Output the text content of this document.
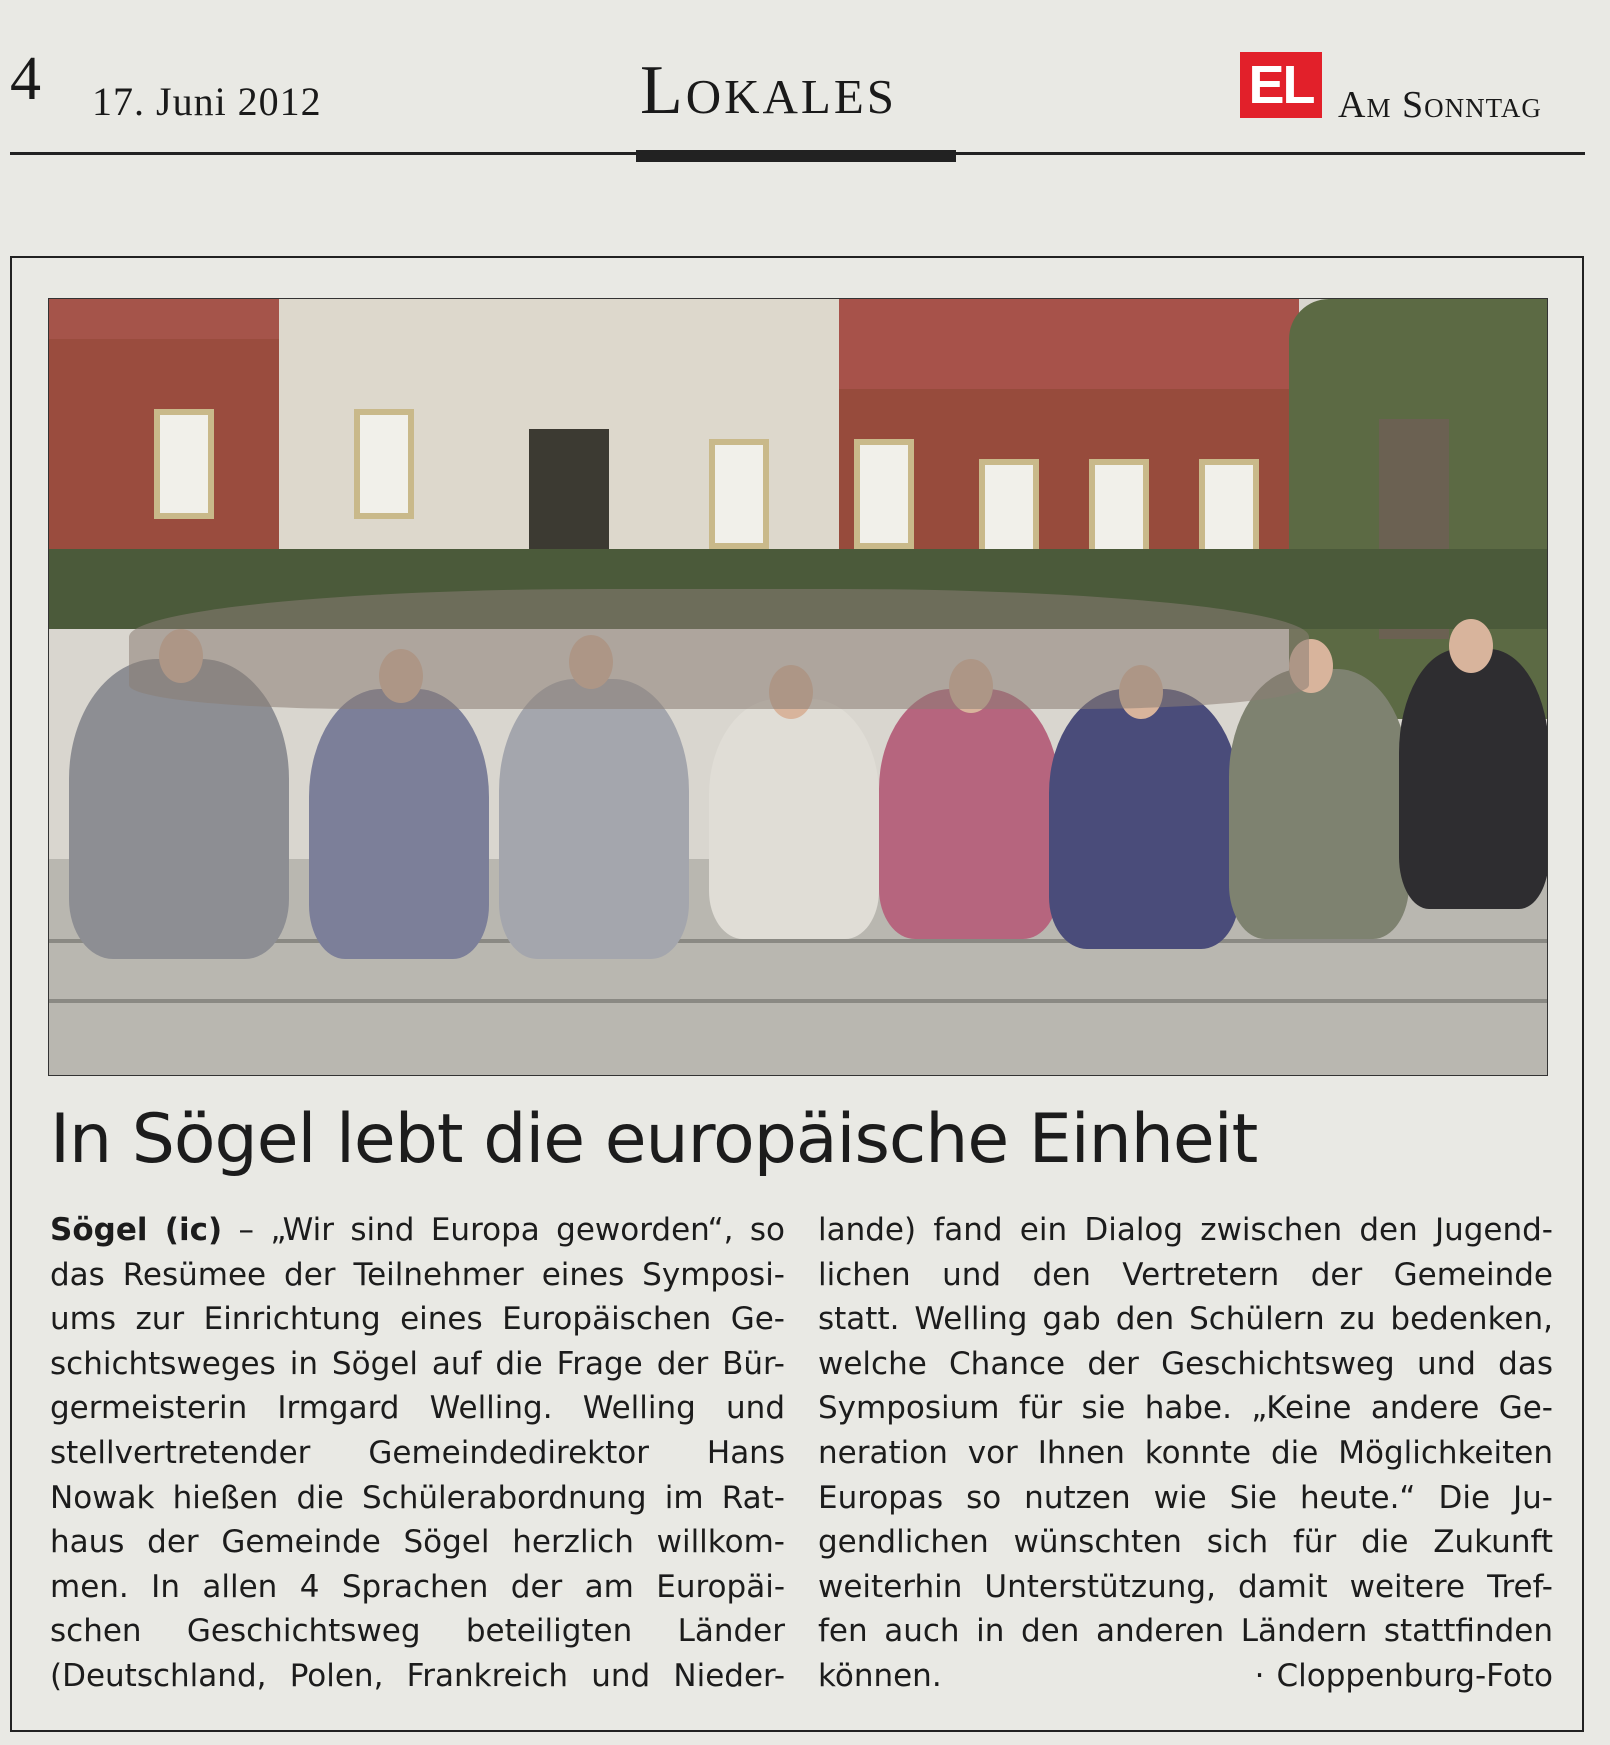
4 17. Juni 2012	Lokales	EL Am Sonntag
In Sögel lebt die europäische Einheit
Sögel (ic) – „Wir sind Europa geworden“, so
das Resümee der Teilnehmer eines Symposi-
ums zur Einrichtung eines Europäischen Ge-
schichtsweges in Sögel auf die Frage der Bür-
germeisterin Irmgard Welling. Welling und
stellvertretender Gemeindedirektor Hans
Nowak hießen die Schülerabordnung im Rat-
haus der Gemeinde Sögel herzlich willkom-
men. In allen 4 Sprachen der am Europäi-
schen Geschichtsweg beteiligten Länder
(Deutschland, Polen, Frankreich und Nieder-
lande) fand ein Dialog zwischen den Jugend-
lichen und den Vertretern der Gemeinde
statt. Welling gab den Schülern zu bedenken,
welche Chance der Geschichtsweg und das
Symposium für sie habe. „Keine andere Ge-
neration vor Ihnen konnte die Möglichkeiten
Europas so nutzen wie Sie heute.“ Die Ju-
gendlichen wünschten sich für die Zukunft
weiterhin Unterstützung, damit weitere Tref-
fen auch in den anderen Ländern stattfinden
können.	· Cloppenburg-Foto
